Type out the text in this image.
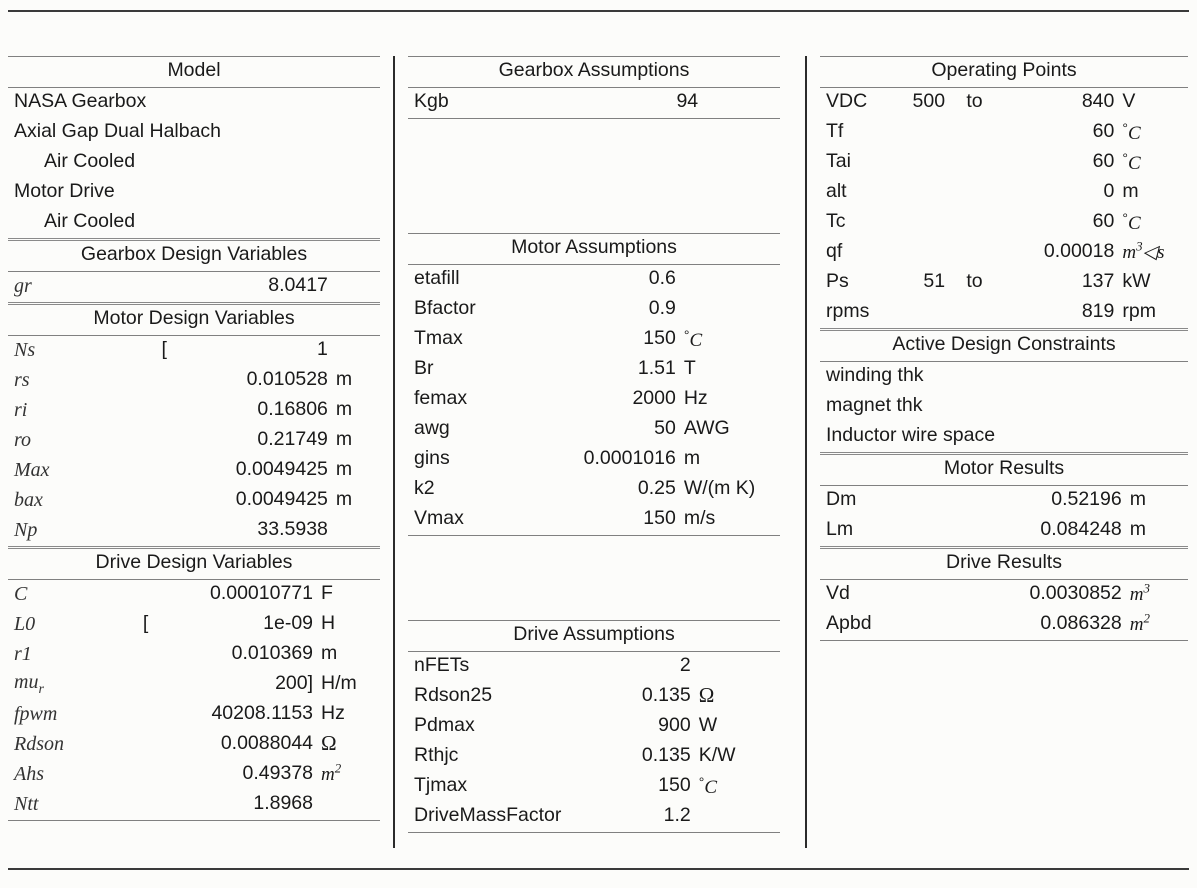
Model
NASA Gearbox
Axial Gap Dual Halbach
Air Cooled
Motor Drive
Air Cooled
Gearbox Design Variables
gr		8.0417	
Motor Design Variables			
Ns	[	1	
rs		0.010528	m
ri		0.16806	m
ro		0.21749	m
Max		0.0049425	m
bax		0.0049425	m
Np		33.5938	
Drive Design Variables			
C		0.00010771	F
L0	[	1e-09	H
r1		0.010369	m
$mu_r$		200]	H/m
fpwm		40208.1153	Hz
Rdson		0.0088044	Ω
Ahs		0.49378	$m^2$
Ntt		1.8968	

Gearbox Assumptions
Kgb	94	

Motor Assumptions		
etafill	0.6	
Bfactor	0.9	
Tmax	150	°C
Br	1.51	T
femax	2000	Hz
awg	50	AWG
gins	0.0001016	m
k2	0.25	W/(m K)
Vmax	150	m/s

Drive Assumptions		
nFETs	2	
Rdson25	0.135	Ω
Pdmax	900	W
Rthjc	0.135	K/W
Tjmax	150	°C
DriveMassFactor	1.2	

Operating Points				
VDC	500	to	840	V
Tf			60	°C
Tai			60	°C
alt			0	m
Tc			60	°C
qf			0.00018	$m^3◁s$
Ps	51	to	137	kW
rpms			819	rpm
Active Design Constraints
winding thk
magnet thk
Inductor wire space
Motor Results		
Dm	0.52196	m
Lm	0.084248	m
Drive Results		
Vd	0.0030852	$m^3$
Apbd	0.086328	$m^2$
